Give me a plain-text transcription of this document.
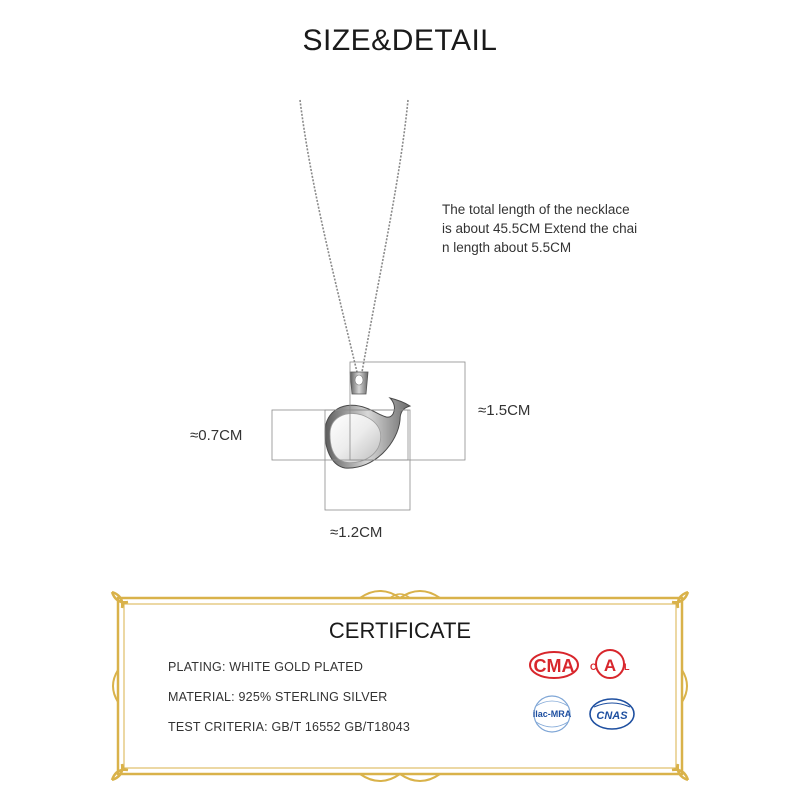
SIZE&DETAIL
CMA A
C	L
ilac-MRA CNAS
The total length of the necklace
is about 45.5CM Extend the chai
n length about 5.5CM
≈0.7CM
≈1.5CM
≈1.2CM
CERTIFICATE
PLATING: WHITE GOLD PLATED
MATERIAL: 925% STERLING SILVER
TEST CRITERIA: GB/T 16552 GB/T18043
